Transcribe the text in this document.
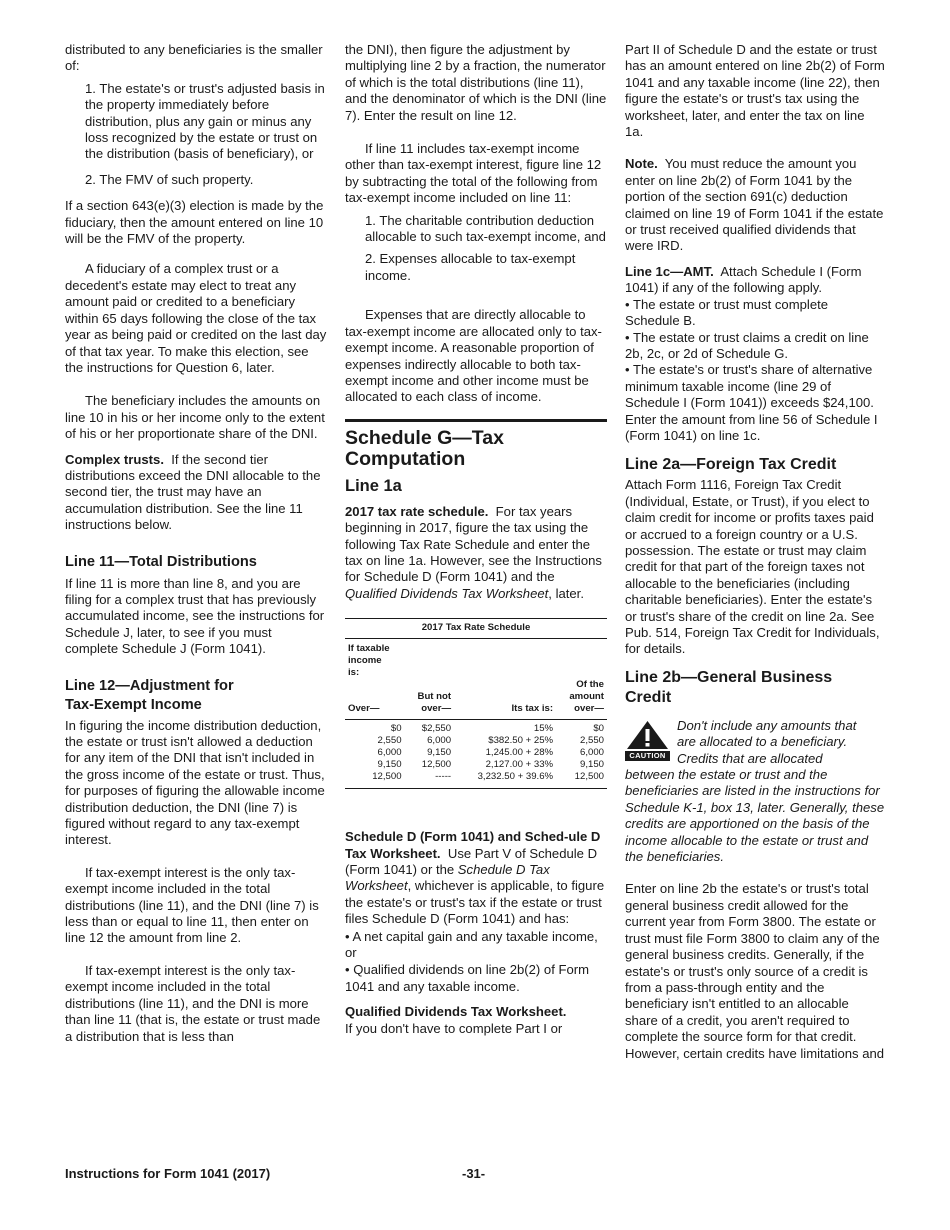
distributed to any beneficiaries is the smaller of:

1. The estate's or trust's adjusted basis in the property immediately before distribution, plus any gain or minus any loss recognized by the estate or trust on the distribution (basis of beneficiary), or

2. The FMV of such property.

If a section 643(e)(3) election is made by the fiduciary, then the amount entered on line 10 will be the FMV of the property.

A fiduciary of a complex trust or a decedent's estate may elect to treat any amount paid or credited to a beneficiary within 65 days following the close of the tax year as being paid or credited on the last day of that tax year. To make this election, see the instructions for Question 6, later.

The beneficiary includes the amounts on line 10 in his or her income only to the extent of his or her proportionate share of the DNI.

Complex trusts. If the second tier distributions exceed the DNI allocable to the second tier, the trust may have an accumulation distribution. See the line 11 instructions below.

Line 11—Total Distributions

If line 11 is more than line 8, and you are filing for a complex trust that has previously accumulated income, see the instructions for Schedule J, later, to see if you must complete Schedule J (Form 1041).

Line 12—Adjustment for
Tax-Exempt Income

In figuring the income distribution deduction, the estate or trust isn't allowed a deduction for any item of the DNI that isn't included in the gross income of the estate or trust. Thus, for purposes of figuring the allowable income distribution deduction, the DNI (line 7) is figured without regard to any tax-exempt interest.

If tax-exempt interest is the only tax-exempt income included in the total distributions (line 11), and the DNI (line 7) is less than or equal to line 11, then enter on line 12 the amount from line 2.

If tax-exempt interest is the only tax-exempt income included in the total distributions (line 11), and the DNI is more than line 11 (that is, the estate or trust made a distribution that is less than

the DNI), then figure the adjustment by multiplying line 2 by a fraction, the numerator of which is the total distributions (line 11), and the denominator of which is the DNI (line 7). Enter the result on line 12.

If line 11 includes tax-exempt income other than tax-exempt interest, figure line 12 by subtracting the total of the following from tax-exempt income included on line 11:

1. The charitable contribution deduction allocable to such tax-exempt income, and

2. Expenses allocable to tax-exempt income.

Expenses that are directly allocable to tax-exempt income are allocated only to tax-exempt income. A reasonable proportion of expenses indirectly allocable to both tax-exempt income and other income must be allocated to each class of income.

Schedule G—Tax
Computation
Line 1a

2017 tax rate schedule. For tax years beginning in 2017, figure the tax using the following Tax Rate Schedule and enter the tax on line 1a. However, see the Instructions for Schedule D (Form 1041) and the Qualified Dividends Tax Worksheet, later.

2017 Tax Rate Schedule
If taxable
income
is:			
Over—	But not
over—	Its tax is:	Of the
amount
over—
$0	$2,550	15%	$0
2,550	6,000	$382.50 + 25%	2,550
6,000	9,150	1,245.00 + 28%	6,000
9,150	12,500	2,127.00 + 33%	9,150
12,500	-----	3,232.50 + 39.6%	12,500

Schedule D (Form 1041) and Sched-ule D Tax Worksheet. Use Part V of Schedule D (Form 1041) or the Schedule D Tax Worksheet, whichever is applicable, to figure the estate's or trust's tax if the estate or trust files Schedule D (Form 1041) and has:

• A net capital gain and any taxable income, or

• Qualified dividends on line 2b(2) of Form 1041 and any taxable income.

Qualified Dividends Tax Worksheet.
If you don't have to complete Part I or

Part II of Schedule D and the estate or trust has an amount entered on line 2b(2) of Form 1041 and any taxable income (line 22), then figure the estate's or trust's tax using the worksheet, later, and enter the tax on line 1a.

Note. You must reduce the amount you enter on line 2b(2) of Form 1041 by the portion of the section 691(c) deduction claimed on line 19 of Form 1041 if the estate or trust received qualified dividends that were IRD.

Line 1c—AMT. Attach Schedule I (Form 1041) if any of the following apply.

• The estate or trust must complete Schedule B.

• The estate or trust claims a credit on line 2b, 2c, or 2d of Schedule G.

• The estate's or trust's share of alternative minimum taxable income (line 29 of Schedule I (Form 1041)) exceeds $24,100.

Enter the amount from line 56 of Schedule I (Form 1041) on line 1c.

Line 2a—Foreign Tax Credit

Attach Form 1116, Foreign Tax Credit (Individual, Estate, or Trust), if you elect to claim credit for income or profits taxes paid or accrued to a foreign country or a U.S. possession. The estate or trust may claim credit for that part of the foreign taxes not allocable to the beneficiaries (including charitable beneficiaries). Enter the estate's or trust's share of the credit on line 2a. See Pub. 514, Foreign Tax Credit for Individuals, for details.

Line 2b—General Business
Credit
CAUTION

Don't include any amounts that

are allocated to a beneficiary.

Credits that are allocated

between the estate or trust and the beneficiaries are listed in the instructions for Schedule K-1, box 13, later. Generally, these credits are apportioned on the basis of the income allocable to the estate or trust and the beneficiaries.

Enter on line 2b the estate's or trust's total general business credit allowed for the current year from Form 3800. The estate or trust must file Form 3800 to claim any of the general business credits. Generally, if the estate's or trust's only source of a credit is from a pass-through entity and the beneficiary isn't entitled to an allocable share of a credit, you aren't required to complete the source form for that credit. However, certain credits have limitations and

Instructions for Form 1041 (2017)	-31-
